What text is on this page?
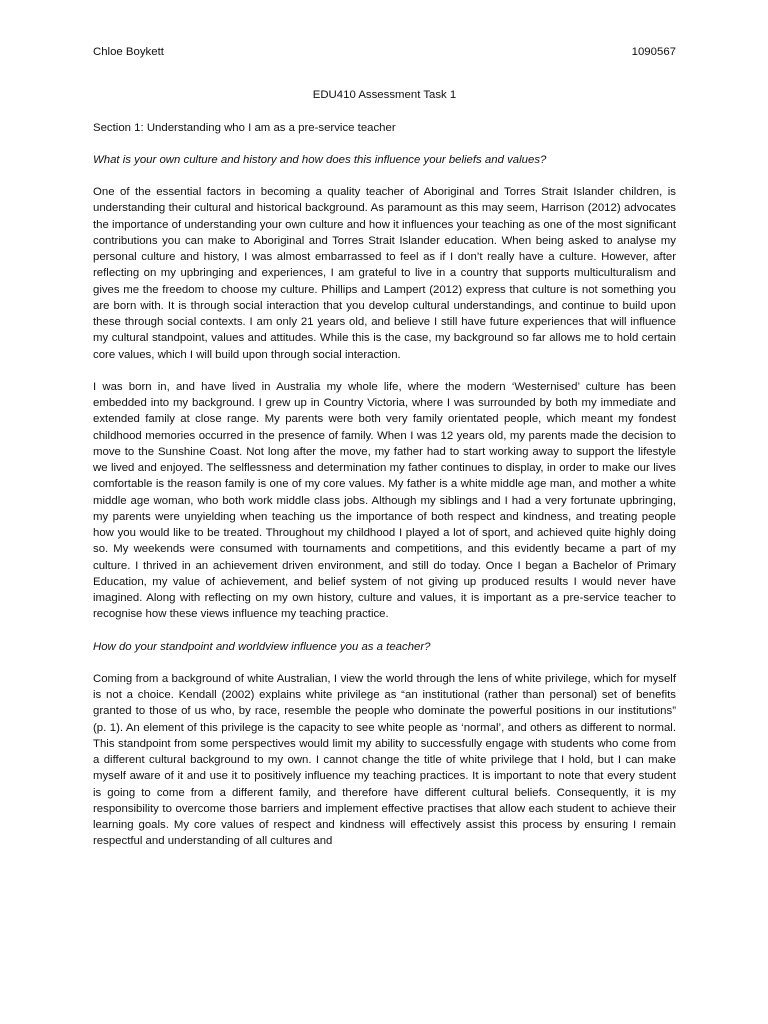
Chloe Boykett	1090567
EDU410 Assessment Task 1
Section 1: Understanding who I am as a pre-service teacher
What is your own culture and history and how does this influence your beliefs and values?

One of the essential factors in becoming a quality teacher of Aboriginal and Torres Strait Islander children, is understanding their cultural and historical background. As paramount as this may seem, Harrison (2012) advocates the importance of understanding your own culture and how it influences your teaching as one of the most significant contributions you can make to Aboriginal and Torres Strait Islander education. When being asked to analyse my personal culture and history, I was almost embarrassed to feel as if I don’t really have a culture. However, after reflecting on my upbringing and experiences, I am grateful to live in a country that supports multiculturalism and gives me the freedom to choose my culture. Phillips and Lampert (2012) express that culture is not something you are born with. It is through social interaction that you develop cultural understandings, and continue to build upon these through social contexts. I am only 21 years old, and believe I still have future experiences that will influence my cultural standpoint, values and attitudes. While this is the case, my background so far allows me to hold certain core values, which I will build upon through social interaction.

I was born in, and have lived in Australia my whole life, where the modern ‘Westernised’ culture has been embedded into my background. I grew up in Country Victoria, where I was surrounded by both my immediate and extended family at close range. My parents were both very family orientated people, which meant my fondest childhood memories occurred in the presence of family. When I was 12 years old, my parents made the decision to move to the Sunshine Coast. Not long after the move, my father had to start working away to support the lifestyle we lived and enjoyed. The selflessness and determination my father continues to display, in order to make our lives comfortable is the reason family is one of my core values. My father is a white middle age man, and mother a white middle age woman, who both work middle class jobs. Although my siblings and I had a very fortunate upbringing, my parents were unyielding when teaching us the importance of both respect and kindness, and treating people how you would like to be treated. Throughout my childhood I played a lot of sport, and achieved quite highly doing so. My weekends were consumed with tournaments and competitions, and this evidently became a part of my culture. I thrived in an achievement driven environment, and still do today. Once I began a Bachelor of Primary Education, my value of achievement, and belief system of not giving up produced results I would never have imagined. Along with reflecting on my own history, culture and values, it is important as a pre-service teacher to recognise how these views influence my teaching practice.

How do your standpoint and worldview influence you as a teacher?

Coming from a background of white Australian, I view the world through the lens of white privilege, which for myself is not a choice. Kendall (2002) explains white privilege as “an institutional (rather than personal) set of benefits granted to those of us who, by race, resemble the people who dominate the powerful positions in our institutions” (p. 1). An element of this privilege is the capacity to see white people as ‘normal’, and others as different to normal. This standpoint from some perspectives would limit my ability to successfully engage with students who come from a different cultural background to my own. I cannot change the title of white privilege that I hold, but I can make myself aware of it and use it to positively influence my teaching practices. It is important to note that every student is going to come from a different family, and therefore have different cultural beliefs. Consequently, it is my responsibility to overcome those barriers and implement effective practises that allow each student to achieve their learning goals. My core values of respect and kindness will effectively assist this process by ensuring I remain respectful and understanding of all cultures and
